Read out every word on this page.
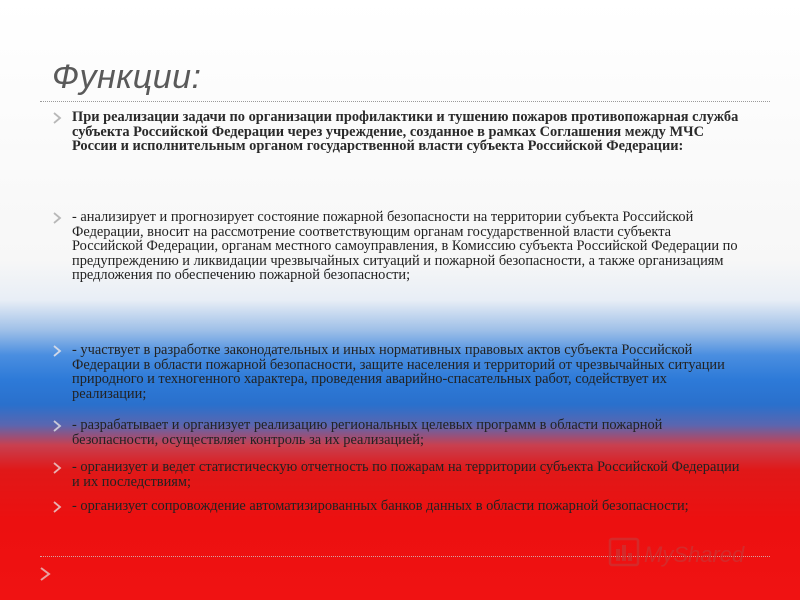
Функции:
При реализации задачи по организации профилактики и тушению пожаров противопожарная служба субъекта Российской Федерации через учреждение, созданное в рамках Соглашения между МЧС России и исполнительным органом государственной власти субъекта Российской Федерации:
- анализирует и прогнозирует состояние пожарной безопасности на территории субъекта Российской Федерации, вносит на рассмотрение соответствующим органам государственной власти субъекта Российской Федерации, органам местного самоуправления, в Комиссию субъекта Российской Федерации по предупреждению и ликвидации чрезвычайных ситуаций и пожарной безопасности, а также организациям предложения по обеспечению пожарной безопасности;
- участвует в разработке законодательных и иных нормативных правовых актов субъекта Российской Федерации в области пожарной безопасности, защите населения и территорий от чрезвычайных ситуации природного и техногенного характера, проведения аварийно-спасательных работ, содействует их реализации;
- разрабатывает и организует реализацию региональных целевых программ в области пожарной безопасности, осуществляет контроль за их реализацией;
- организует и ведет статистическую отчетность по пожарам на территории субъекта Российской Федерации и их последствиям;
- организует сопровождение автоматизированных банков данных в области пожарной безопасности;
MyShared
